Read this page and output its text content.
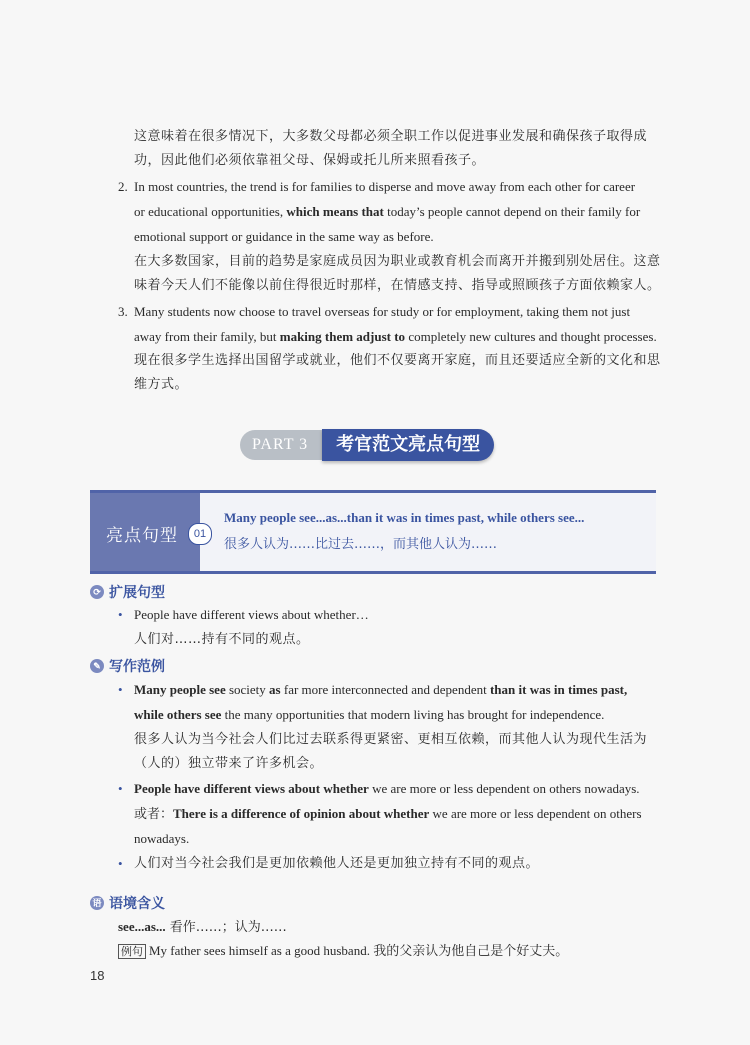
这意味着在很多情况下，大多数父母都必须全职工作以促进事业发展和确保孩子取得成
功，因此他们必须依靠祖父母、保姆或托儿所来照看孩子。
2. In most countries, the trend is for families to disperse and move away from each other for career
or educational opportunities, which means that today’s people cannot depend on their family for
emotional support or guidance in the same way as before.
在大多数国家，目前的趋势是家庭成员因为职业或教育机会而离开并搬到别处居住。这意
味着今天人们不能像以前住得很近时那样，在情感支持、指导或照顾孩子方面依赖家人。
3. Many students now choose to travel overseas for study or for employment, taking them not just
away from their family, but making them adjust to completely new cultures and thought processes.
现在很多学生选择出国留学或就业，他们不仅要离开家庭，而且还要适应全新的文化和思
维方式。
PART 3	考官范文亮点句型
亮点句型	01
Many people see...as...than it was in times past, while others see...
很多人认为……比过去……，而其他人认为……
⟳ 扩展句型
• People have different views about whether…
人们对……持有不同的观点。
✎ 写作范例
• Many people see society as far more interconnected and dependent than it was in times past,
while others see the many opportunities that modern living has brought for independence.
很多人认为当今社会人们比过去联系得更紧密、更相互依赖，而其他人认为现代生活为
（人的）独立带来了许多机会。
• People have different views about whether we are more or less dependent on others nowadays.
或者：There is a difference of opinion about whether we are more or less dependent on others
nowadays.
• 人们对当今社会我们是更加依赖他人还是更加独立持有不同的观点。
语 语境含义
see...as... 看作……；认为……
例句 My father sees himself as a good husband. 我的父亲认为他自己是个好丈夫。
18
